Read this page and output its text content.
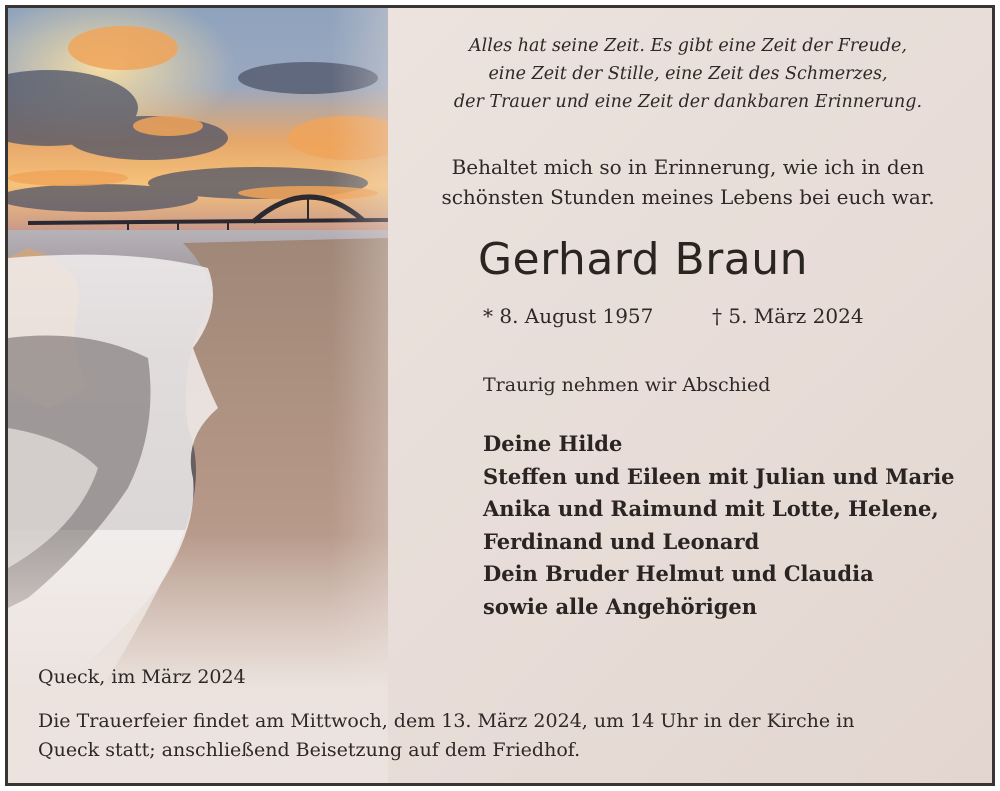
Alles hat seine Zeit. Es gibt eine Zeit der Freude,
eine Zeit der Stille, eine Zeit des Schmerzes,
der Trauer und eine Zeit der dankbaren Erinnerung.
Behaltet mich so in Erinnerung, wie ich in den
schönsten Stunden meines Lebens bei euch war.
Gerhard Braun
* 8. August 1957	† 5. März 2024
Traurig nehmen wir Abschied
Deine Hilde
Steffen und Eileen mit Julian und Marie
Anika und Raimund mit Lotte, Helene,
Ferdinand und Leonard
Dein Bruder Helmut und Claudia
sowie alle Angehörigen
Queck, im März 2024
Die Trauerfeier findet am Mittwoch, dem 13. März 2024, um 14 Uhr in der Kirche in
Queck statt; anschließend Beisetzung auf dem Friedhof.
